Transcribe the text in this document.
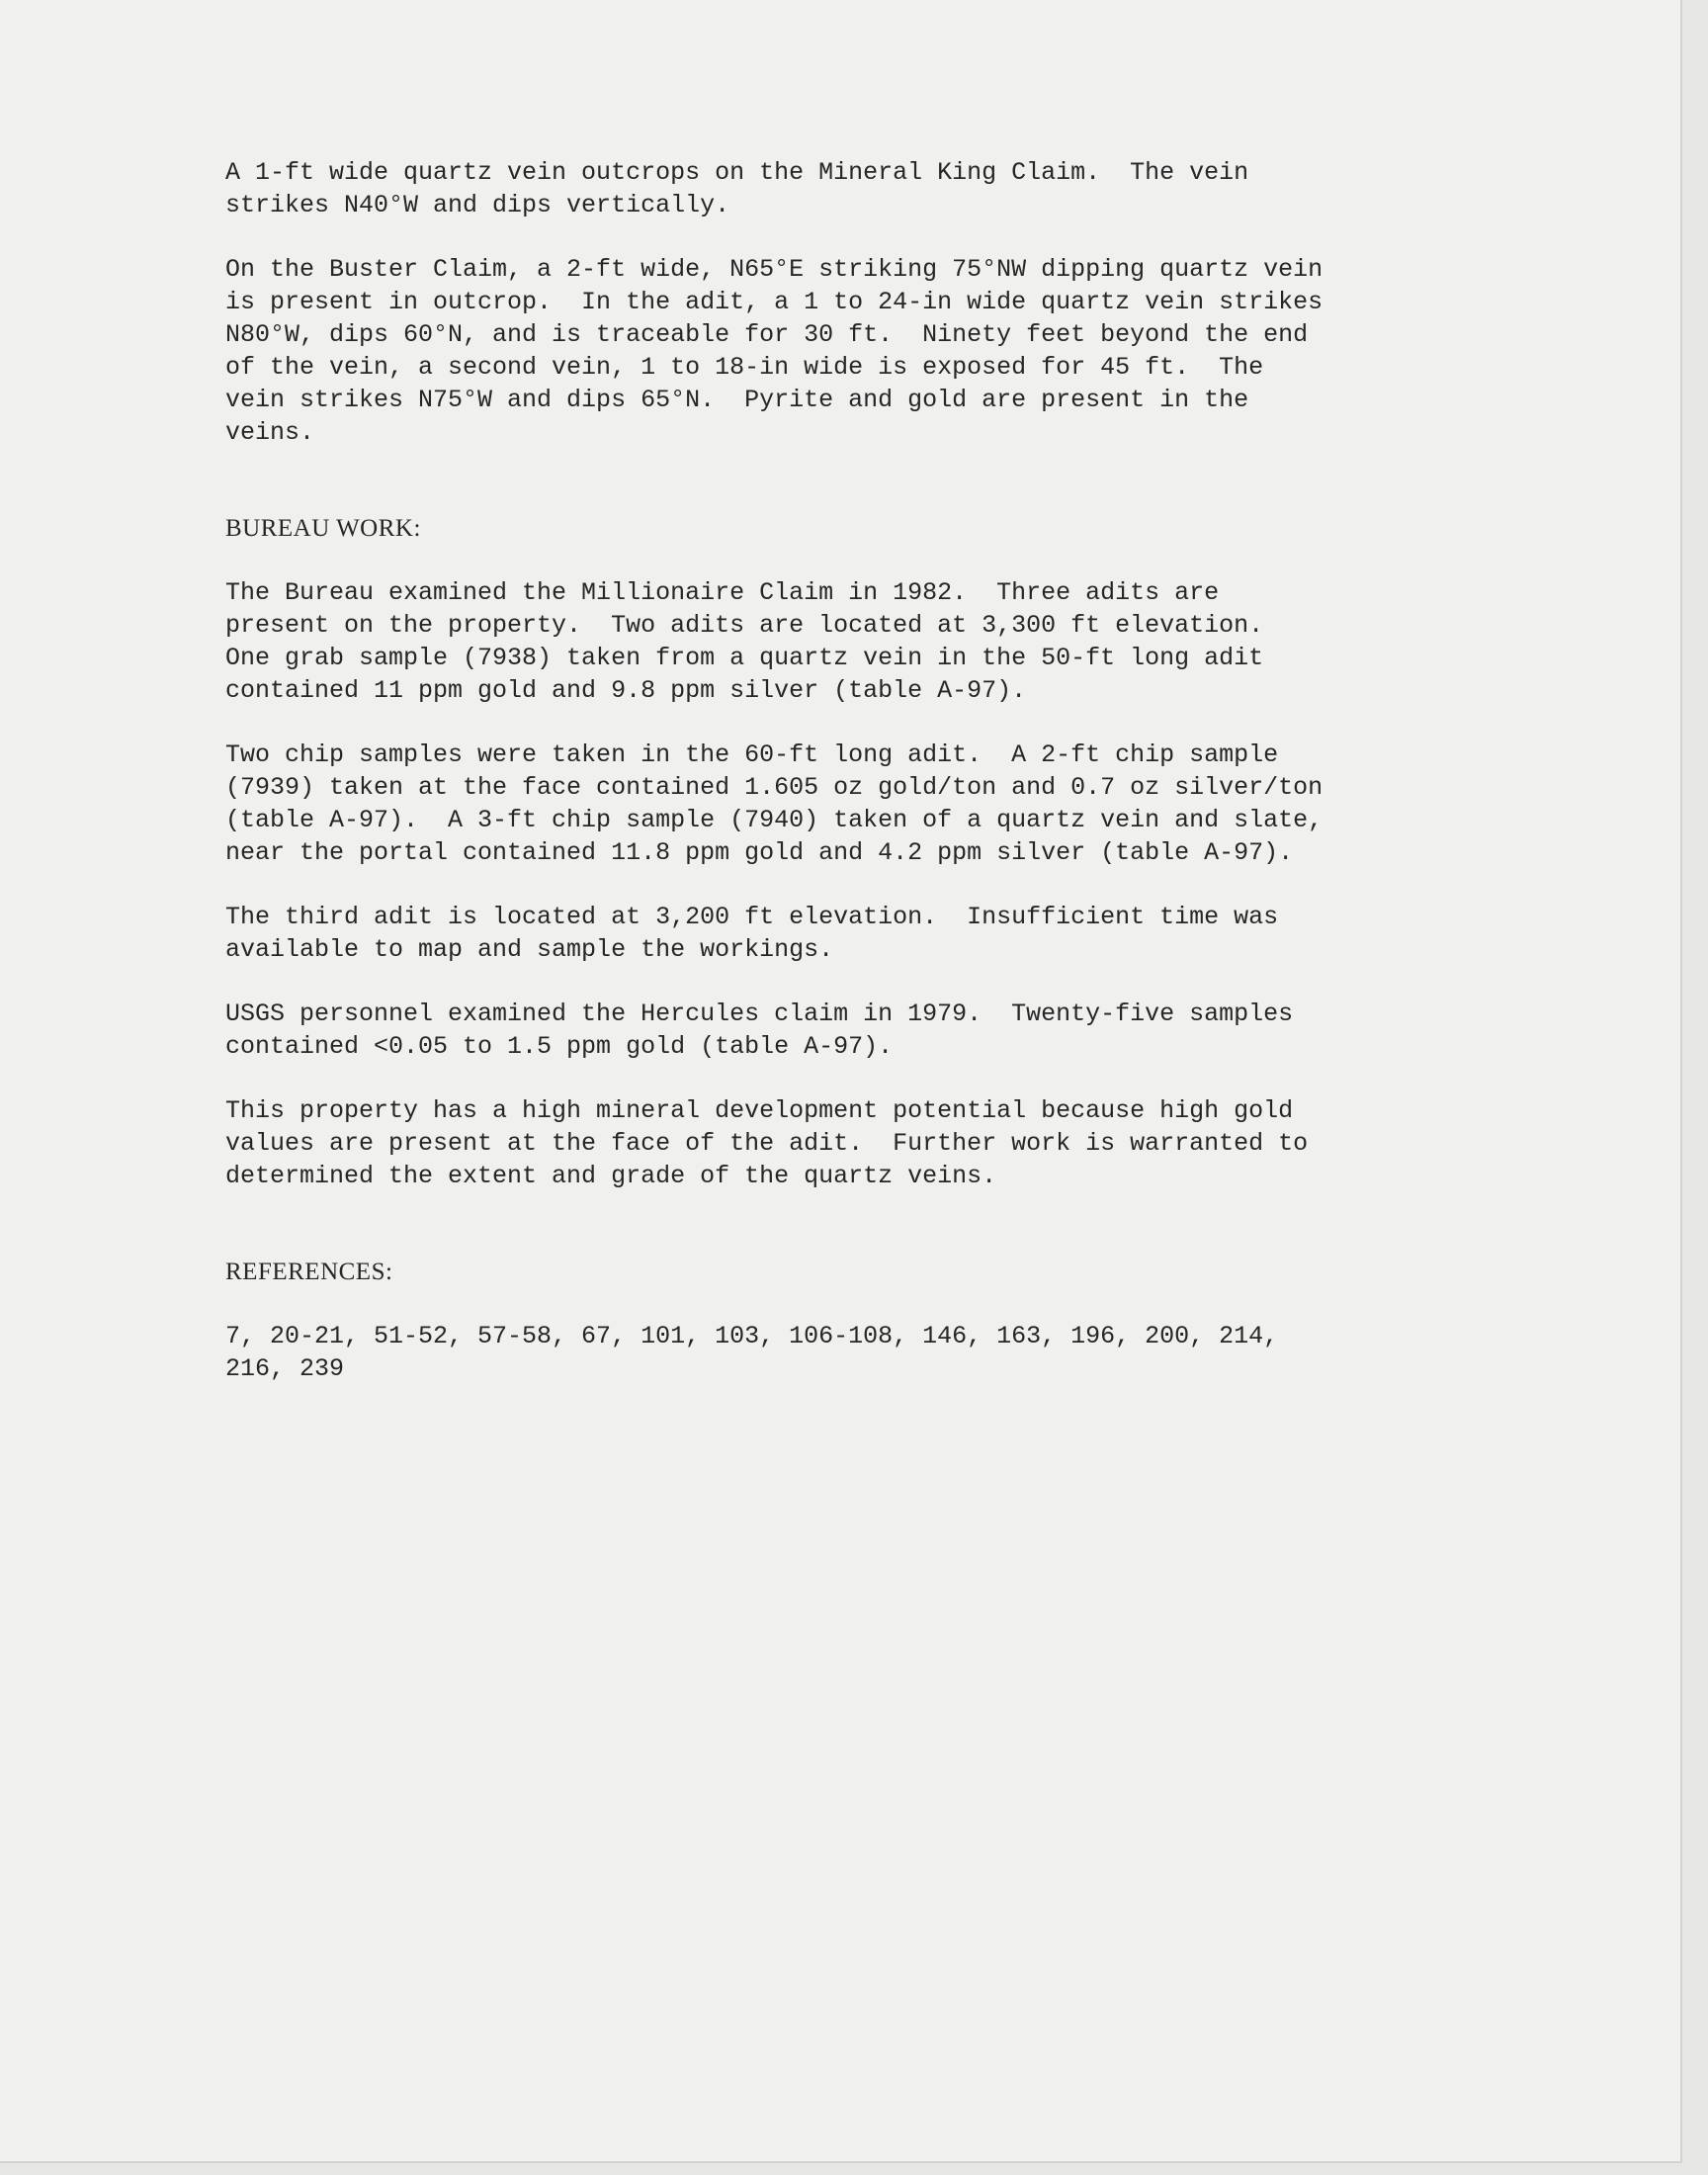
A 1-ft wide quartz vein outcrops on the Mineral King Claim.  The vein
strikes N40°W and dips vertically.

On the Buster Claim, a 2-ft wide, N65°E striking 75°NW dipping quartz vein
is present in outcrop.  In the adit, a 1 to 24-in wide quartz vein strikes
N80°W, dips 60°N, and is traceable for 30 ft.  Ninety feet beyond the end
of the vein, a second vein, 1 to 18-in wide is exposed for 45 ft.  The
vein strikes N75°W and dips 65°N.  Pyrite and gold are present in the
veins.

BUREAU WORK:

The Bureau examined the Millionaire Claim in 1982.  Three adits are
present on the property.  Two adits are located at 3,300 ft elevation.
One grab sample (7938) taken from a quartz vein in the 50-ft long adit
contained 11 ppm gold and 9.8 ppm silver (table A-97).

Two chip samples were taken in the 60-ft long adit.  A 2-ft chip sample
(7939) taken at the face contained 1.605 oz gold/ton and 0.7 oz silver/ton
(table A-97).  A 3-ft chip sample (7940) taken of a quartz vein and slate,
near the portal contained 11.8 ppm gold and 4.2 ppm silver (table A-97).

The third adit is located at 3,200 ft elevation.  Insufficient time was
available to map and sample the workings.

USGS personnel examined the Hercules claim in 1979.  Twenty-five samples
contained <0.05 to 1.5 ppm gold (table A-97).

This property has a high mineral development potential because high gold
values are present at the face of the adit.  Further work is warranted to
determined the extent and grade of the quartz veins.

REFERENCES:

7, 20-21, 51-52, 57-58, 67, 101, 103, 106-108, 146, 163, 196, 200, 214,
216, 239
